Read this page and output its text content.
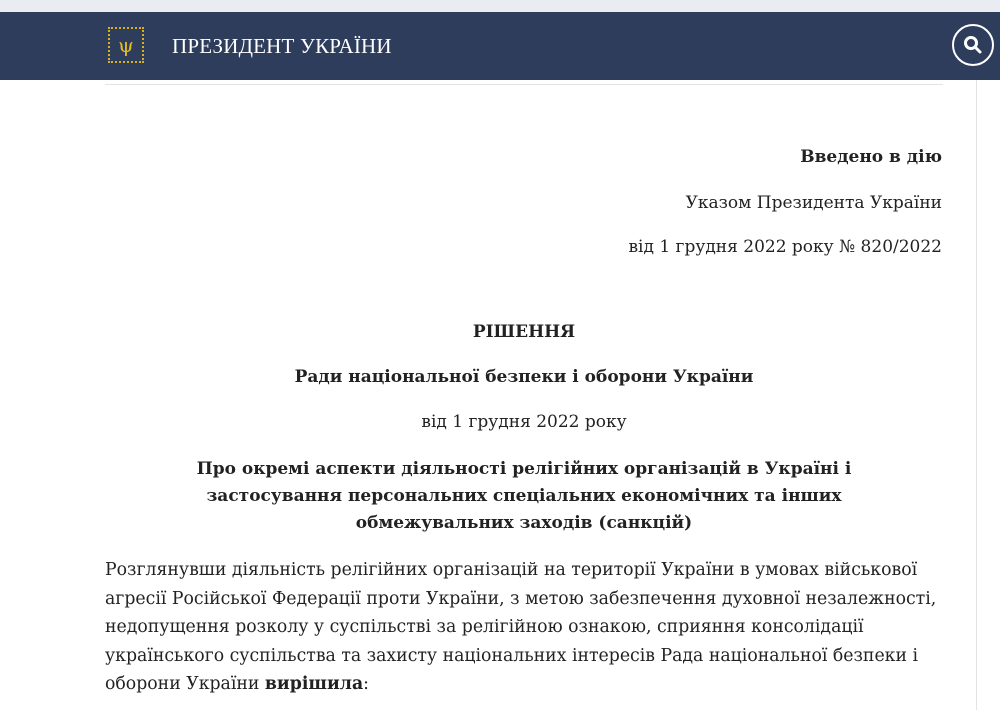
ψ	ПРЕЗИДЕНТ УКРАЇНИ
Введено в дію
Указом Президента України
від 1 грудня 2022 року № 820/2022
РІШЕННЯ
Ради національної безпеки і оборони України
від 1 грудня 2022 року
Про окремі аспекти діяльності релігійних організацій в Україні і
застосування персональних спеціальних економічних та інших
обмежувальних заходів (санкцій)
Розглянувши діяльність релігійних організацій на території України в умовах військової агресії Російської Федерації проти України, з метою забезпечення духовної незалежності, недопущення розколу у суспільстві за релігійною ознакою, сприяння консолідації українського суспільства та захисту національних інтересів Рада національної безпеки і оборони України вирішила:
